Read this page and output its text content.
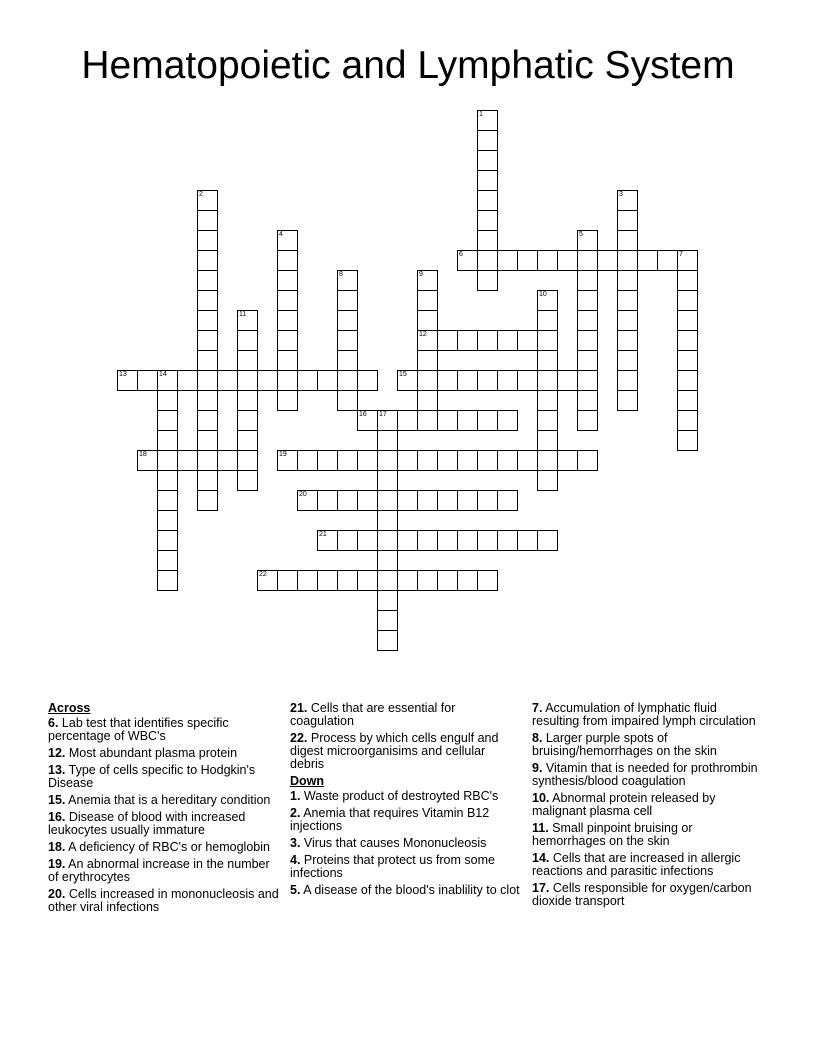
Hematopoietic and Lymphatic System
1
2	3
4	5
6	7
8	9
12
10
11
13	14	15
16 17
18	19
20
21
22
Across
6. Lab test that identifies specific percentage of WBC's
12. Most abundant plasma protein
13. Type of cells specific to Hodgkin's Disease
15. Anemia that is a hereditary condition
16. Disease of blood with increased leukocytes usually immature
18. A deficiency of RBC's or hemoglobin
19. An abnormal increase in the number of erythrocytes
20. Cells increased in mononucleosis and other viral infections
21. Cells that are essential for coagulation
22. Process by which cells engulf and digest microorganisims and cellular debris
Down
1. Waste product of destroyted RBC's
2. Anemia that requires Vitamin B12 injections
3. Virus that causes Mononucleosis
4. Proteins that protect us from some infections
5. A disease of the blood's inablility to clot
7. Accumulation of lymphatic fluid resulting from impaired lymph circulation
8. Larger purple spots of bruising/hemorrhages on the skin
9. Vitamin that is needed for prothrombin synthesis/blood coagulation
10. Abnormal protein released by malignant plasma cell
11. Small pinpoint bruising or hemorrhages on the skin
14. Cells that are increased in allergic reactions and parasitic infections
17. Cells responsible for oxygen/carbon dioxide transport
